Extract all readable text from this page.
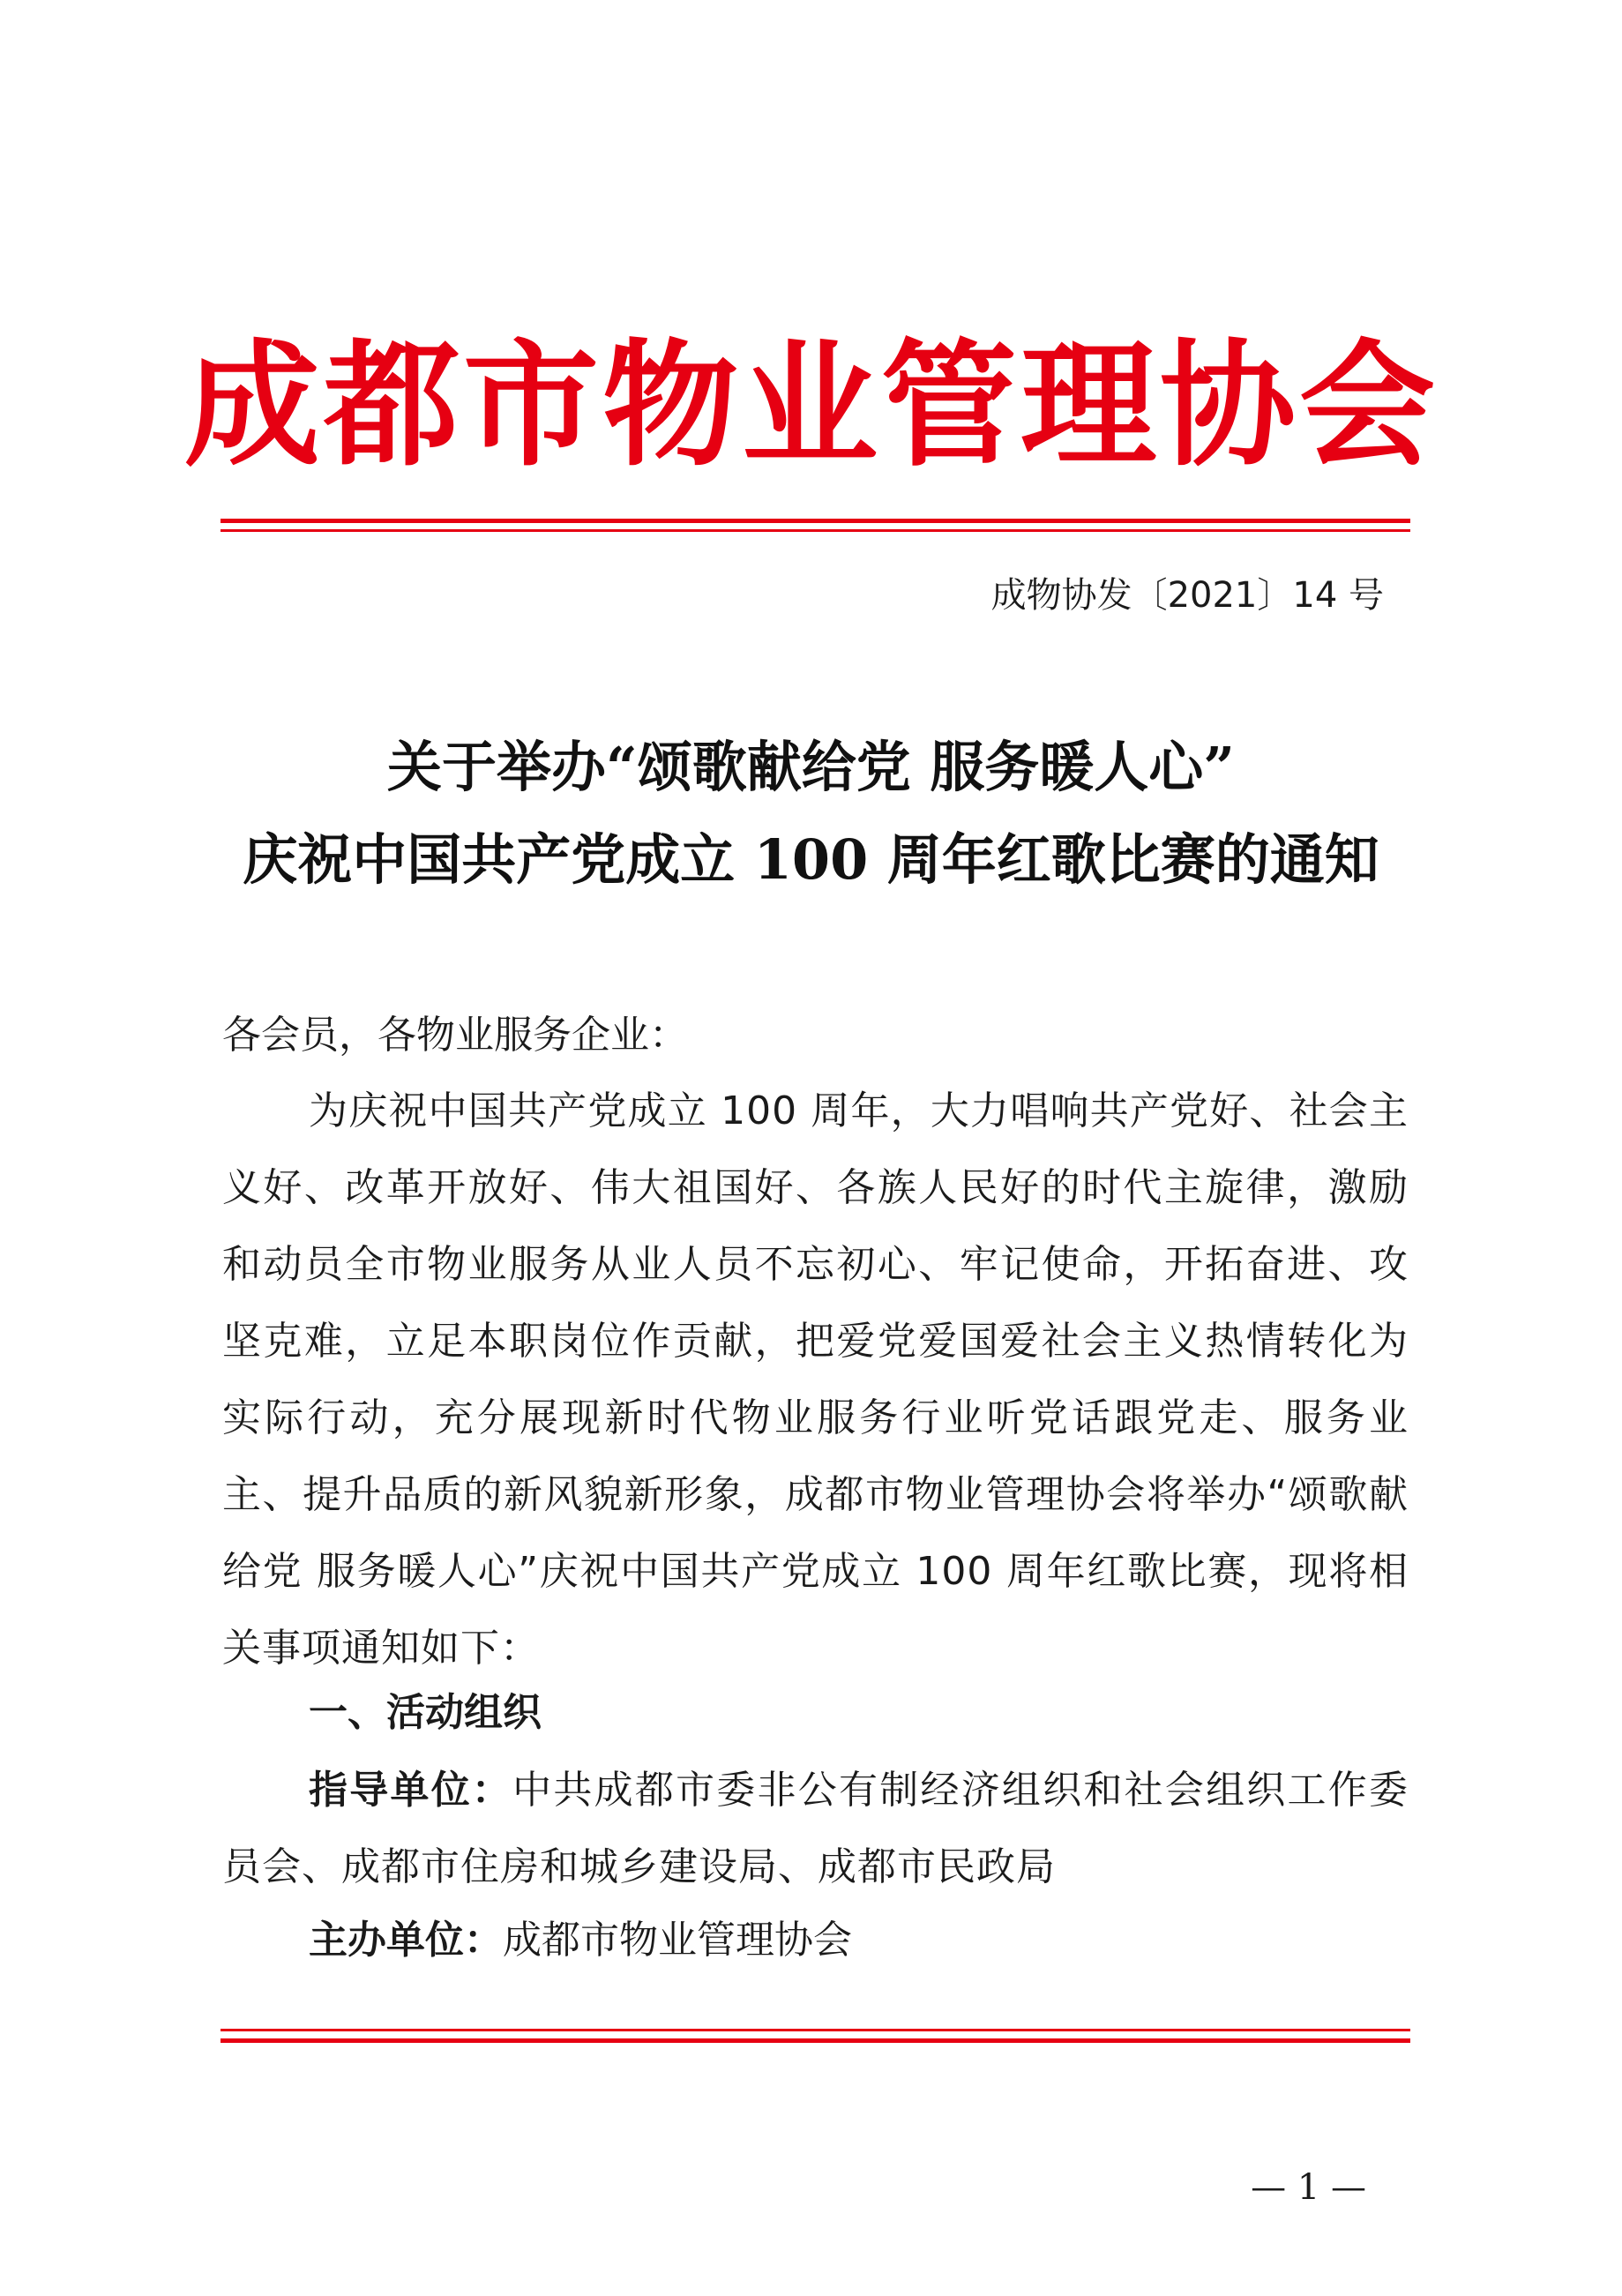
成都市物业管理协会
成物协发〔2021〕14 号
关于举办“颂歌献给党 服务暖人心”
庆祝中国共产党成立 100 周年红歌比赛的通知
各会员，各物业服务企业：
为庆祝中国共产党成立 100 周年，大力唱响共产党好、社会主义好、改革开放好、伟大祖国好、各族人民好的时代主旋律，激励和动员全市物业服务从业人员不忘初心、牢记使命，开拓奋进、攻坚克难，立足本职岗位作贡献，把爱党爱国爱社会主义热情转化为实际行动，充分展现新时代物业服务行业听党话跟党走、服务业主、提升品质的新风貌新形象，成都市物业管理协会将举办“颂歌献给党 服务暖人心”庆祝中国共产党成立 100 周年红歌比赛，现将相关事项通知如下：
一、活动组织
指导单位：中共成都市委非公有制经济组织和社会组织工作委员会、成都市住房和城乡建设局、成都市民政局
主办单位：成都市物业管理协会
— 1 —
